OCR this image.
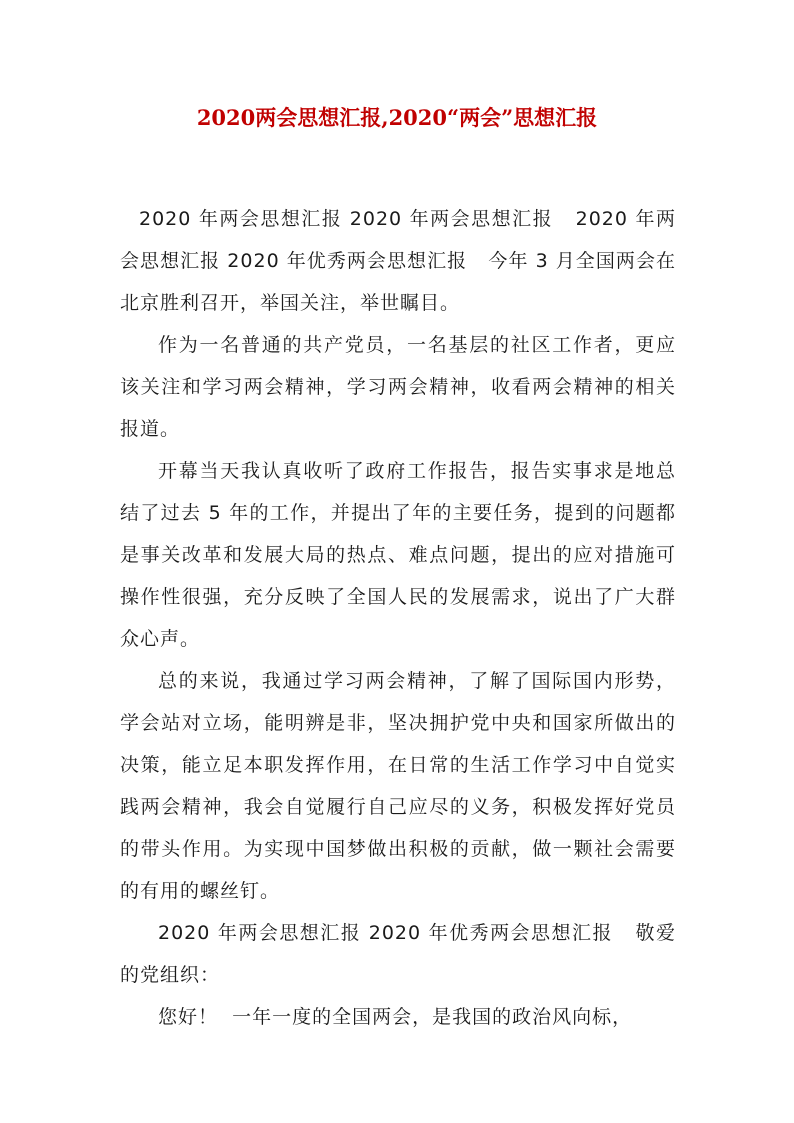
2020两会思想汇报,2020“两会”思想汇报

2020 年两会思想汇报 2020 年两会思想汇报   2020 年两会思想汇报 2020 年优秀两会思想汇报   今年 3 月全国两会在北京胜利召开，举国关注，举世瞩目。

作为一名普通的共产党员，一名基层的社区工作者，更应该关注和学习两会精神，学习两会精神，收看两会精神的相关报道。

开幕当天我认真收听了政府工作报告，报告实事求是地总结了过去 5 年的工作，并提出了年的主要任务，提到的问题都是事关改革和发展大局的热点、难点问题，提出的应对措施可操作性很强，充分反映了全国人民的发展需求，说出了广大群众心声。

总的来说，我通过学习两会精神，了解了国际国内形势，学会站对立场，能明辨是非，坚决拥护党中央和国家所做出的决策，能立足本职发挥作用，在日常的生活工作学习中自觉实践两会精神，我会自觉履行自己应尽的义务，积极发挥好党员的带头作用。为实现中国梦做出积极的贡献，做一颗社会需要的有用的螺丝钉。

2020 年两会思想汇报 2020 年优秀两会思想汇报   敬爱的党组织：

您好！  一年一度的全国两会，是我国的政治风向标，
